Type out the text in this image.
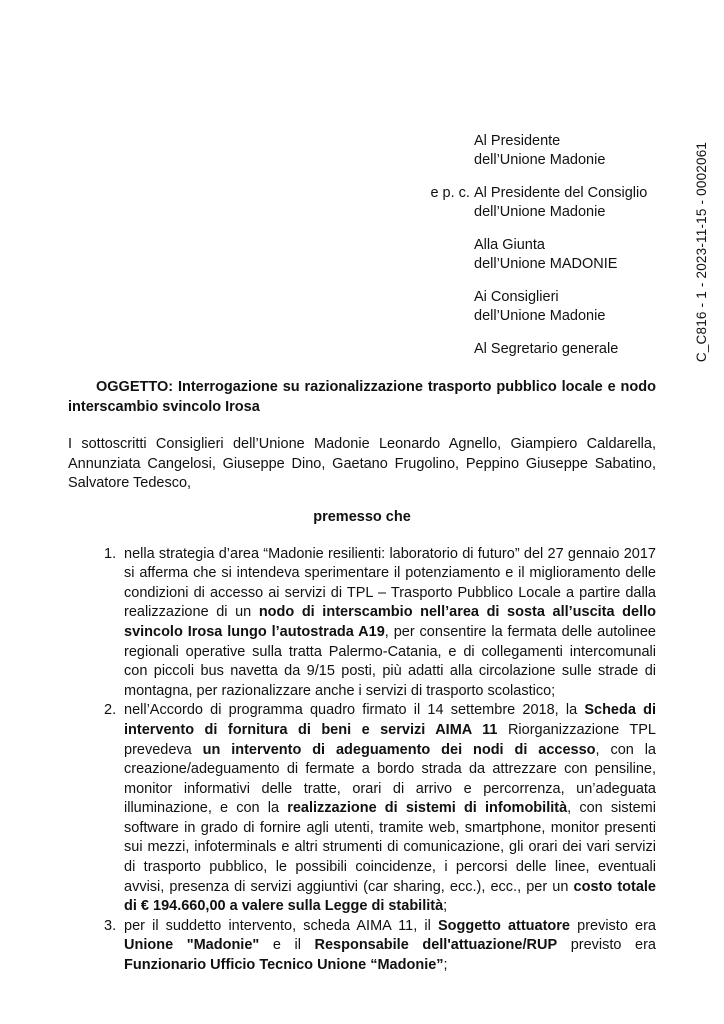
Al Presidente
dell’Unione Madonie
e p. c. Al Presidente del Consiglio
dell’Unione Madonie
Alla Giunta
dell’Unione MADONIE
Ai Consiglieri
dell’Unione Madonie
Al Segretario generale	C_C816 - 1 - 2023-11-15 - 0002061

OGGETTO: Interrogazione su razionalizzazione trasporto pubblico locale e nodo interscambio svincolo Irosa

I sottoscritti Consiglieri dell’Unione Madonie Leonardo Agnello, Giampiero Caldarella, Annunziata Cangelosi, Giuseppe Dino, Gaetano Frugolino, Peppino Giuseppe Sabatino, Salvatore Tedesco,

premesso che

1. nella strategia d’area “Madonie resilienti: laboratorio di futuro” del 27 gennaio 2017 si afferma che si intendeva sperimentare il potenziamento e il miglioramento delle condizioni di accesso ai servizi di TPL – Trasporto Pubblico Locale a partire dalla realizzazione di un nodo di interscambio nell’area di sosta all’uscita dello svincolo Irosa lungo l’autostrada A19, per consentire la fermata delle autolinee regionali operative sulla tratta Palermo-Catania, e di collegamenti intercomunali con piccoli bus navetta da 9/15 posti, più adatti alla circolazione sulle strade di montagna, per razionalizzare anche i servizi di trasporto scolastico;
2. nell’Accordo di programma quadro firmato il 14 settembre 2018, la Scheda di intervento di fornitura di beni e servizi AIMA 11 Riorganizzazione TPL prevedeva un intervento di adeguamento dei nodi di accesso, con la creazione/adeguamento di fermate a bordo strada da attrezzare con pensiline, monitor informativi delle tratte, orari di arrivo e percorrenza, un’adeguata illuminazione, e con la realizzazione di sistemi di infomobilità, con sistemi software in grado di fornire agli utenti, tramite web, smartphone, monitor presenti sui mezzi, infoterminals e altri strumenti di comunicazione, gli orari dei vari servizi di trasporto pubblico, le possibili coincidenze, i percorsi delle linee, eventuali avvisi, presenza di servizi aggiuntivi (car sharing, ecc.), ecc., per un costo totale di € 194.660,00 a valere sulla Legge di stabilità;
3. per il suddetto intervento, scheda AIMA 11, il Soggetto attuatore previsto era Unione "Madonie" e il Responsabile dell'attuazione/RUP previsto era Funzionario Ufficio Tecnico Unione “Madonie”;
